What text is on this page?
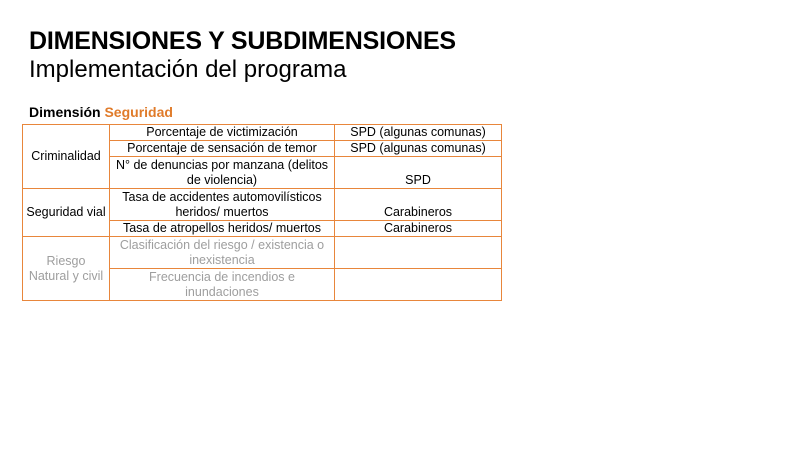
DIMENSIONES Y SUBDIMENSIONES
Implementación del programa
Dimensión Seguridad
Criminalidad	Porcentaje de victimización	SPD (algunas comunas)
	Porcentaje de sensación de temor	SPD (algunas comunas)
	N° de denuncias por manzana (delitos de violencia)	SPD
Seguridad vial	Tasa de accidentes automovilísticos heridos/ muertos	Carabineros
	Tasa de atropellos heridos/ muertos	Carabineros
Riesgo Natural y civil	Clasificación del riesgo / existencia o inexistencia	
	Frecuencia de incendios e inundaciones	
